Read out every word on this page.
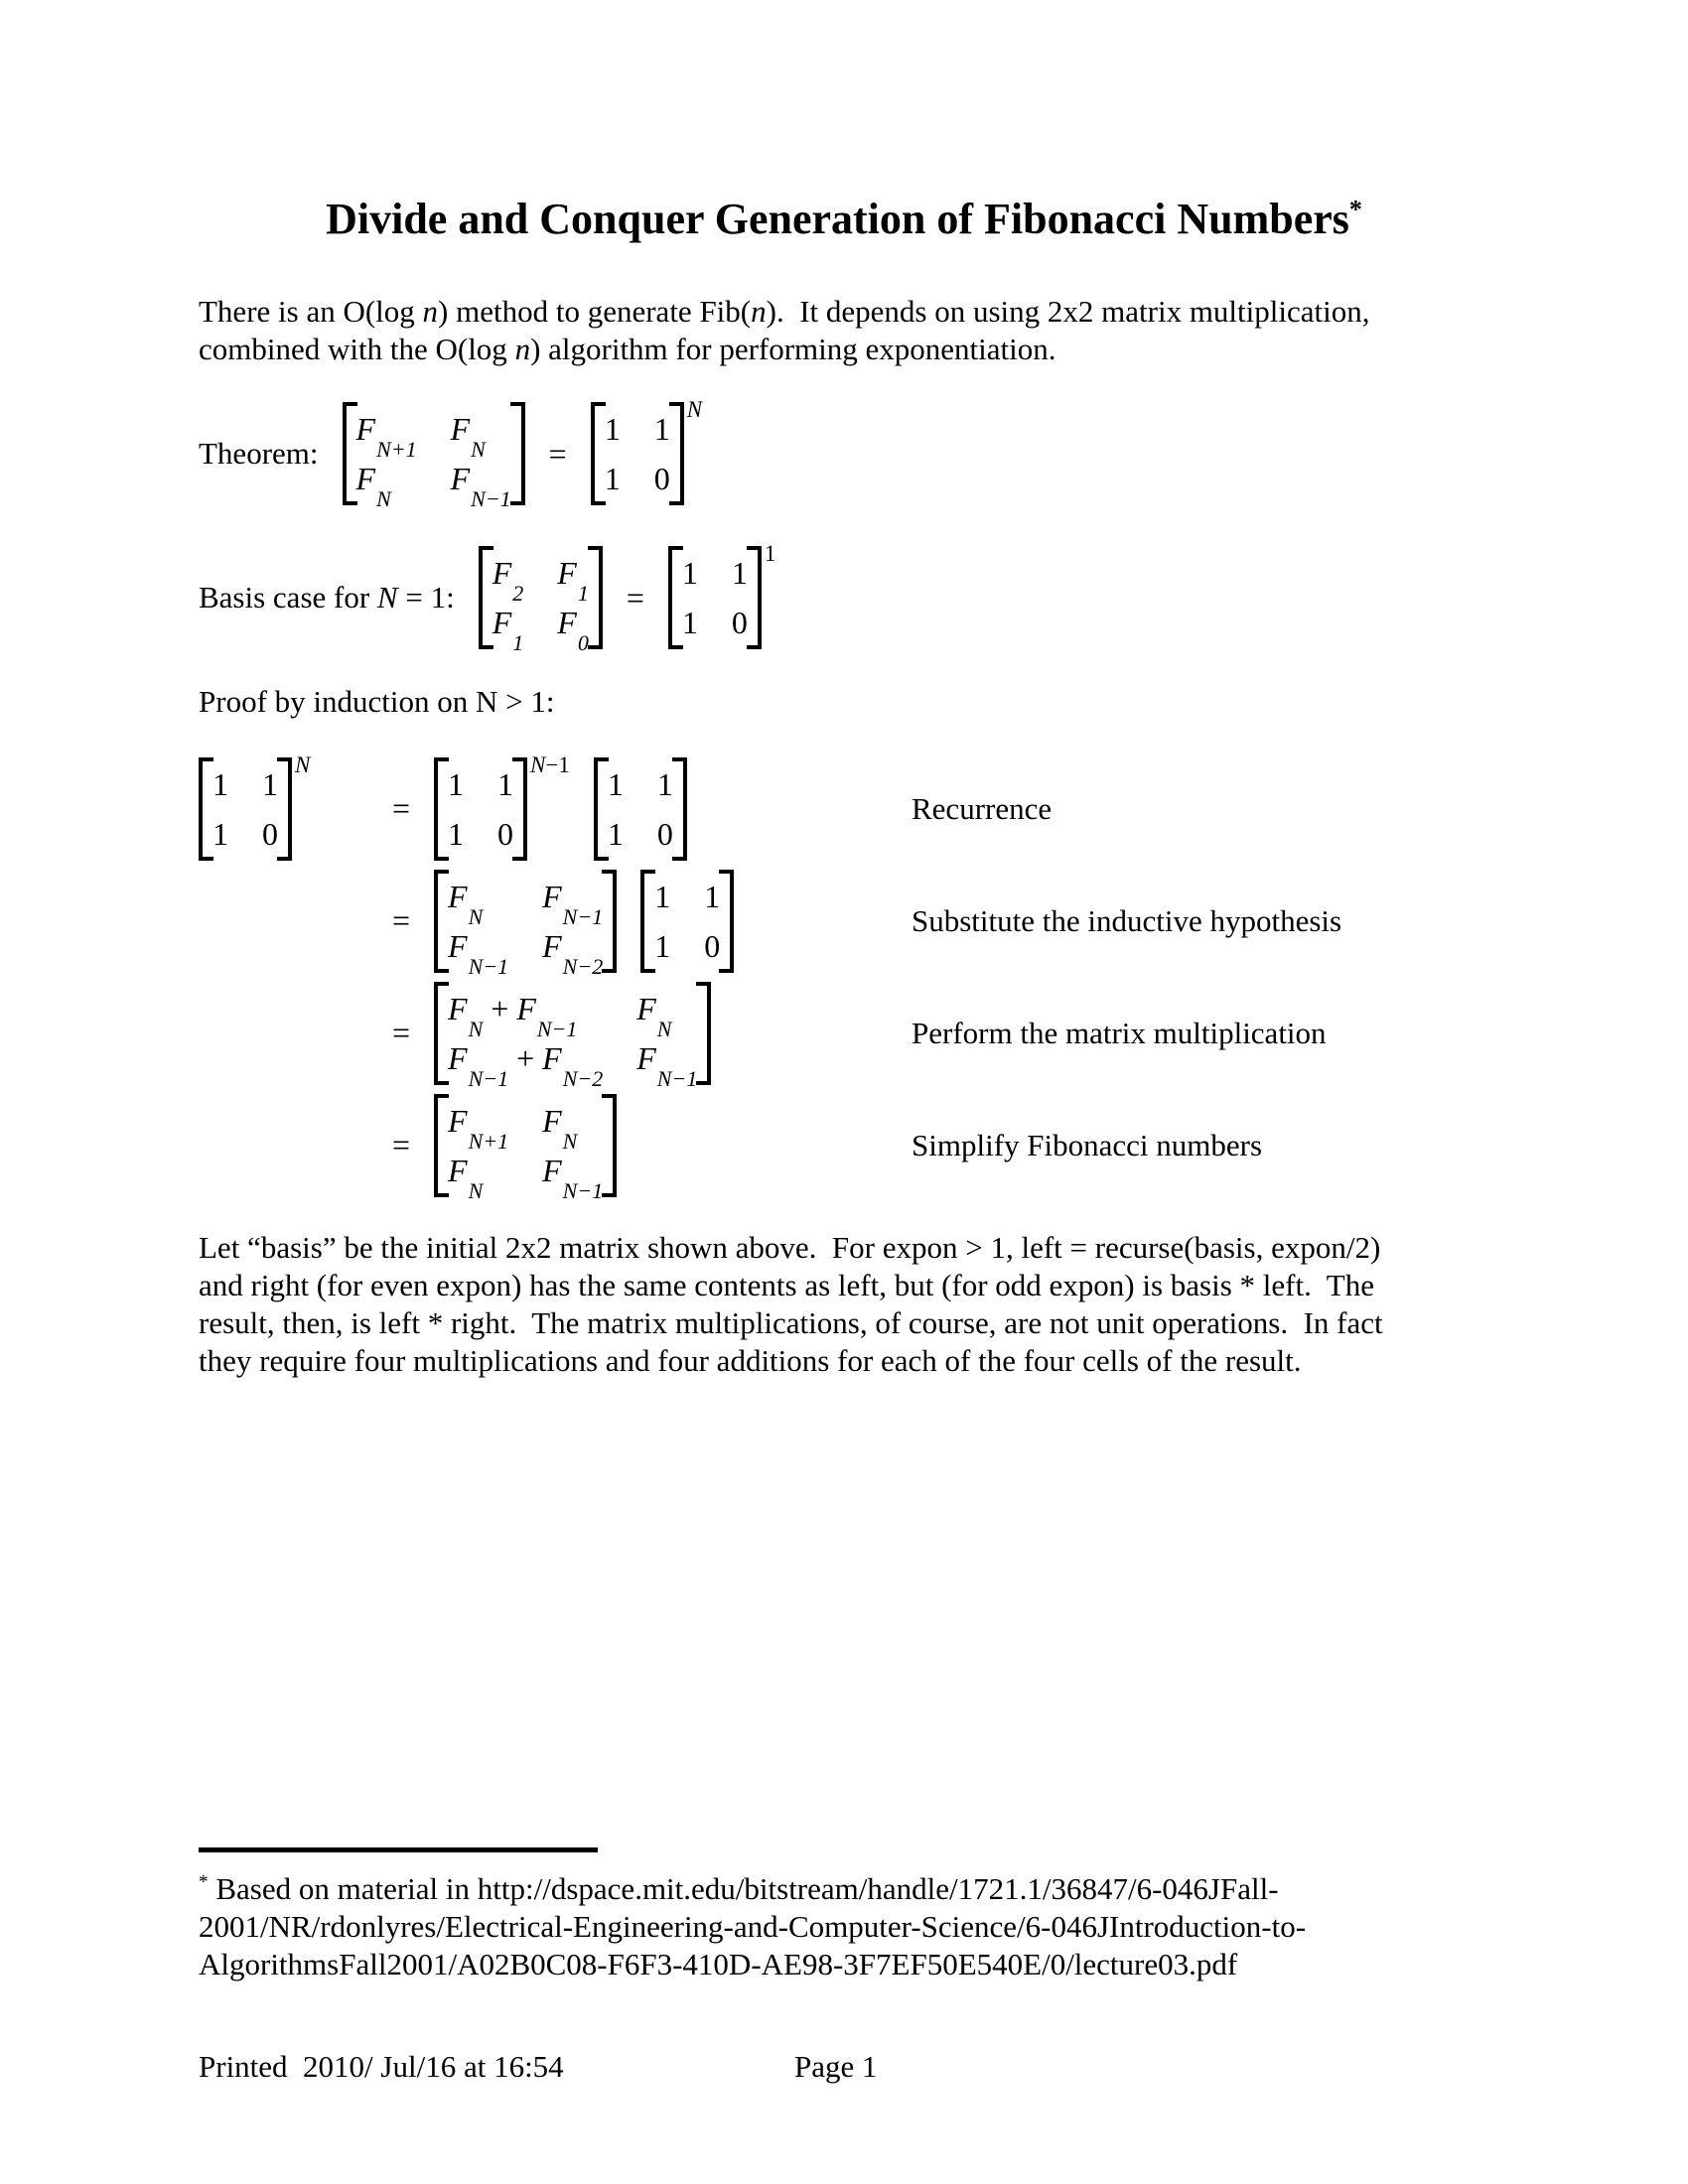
Divide and Conquer Generation of Fibonacci Numbers*
There is an O(log n) method to generate Fib(n).  It depends on using 2x2 matrix multiplication,
combined with the O(log n) algorithm for performing exponentiation.
Theorem:
$F_{N+1}$
$F_N$
$F_N$
$F_{N-1}$
=
1 1
1 0
$^N$
Basis case for N = 1:
$F_2$
$F_1$
$F_1$
$F_0$
=
1 1
1 0
$^1$
Proof by induction on N > 1:
1 1
1 0
$^N$
=
1 1
1 0
$^{N-1}$
1 1
1 0
Recurrence
=
$F_N$
$F_{N-1}$
$F_{N-1}$
$F_{N-2}$
1 1
1 0
Substitute the inductive hypothesis
=
$F_N + F_{N-1}$
$F_N$
$F_{N-1} + F_{N-2}$
$F_{N-1}$
Perform the matrix multiplication
=
$F_{N+1}$
$F_N$
$F_N$
$F_{N-1}$
Simplify Fibonacci numbers
Let “basis” be the initial 2x2 matrix shown above.  For expon > 1, left = recurse(basis, expon/2)
and right (for even expon) has the same contents as left, but (for odd expon) is basis * left.  The
result, then, is left * right.  The matrix multiplications, of course, are not unit operations.  In fact
they require four multiplications and four additions for each of the four cells of the result.
* Based on material in http://dspace.mit.edu/bitstream/handle/1721.1/36847/6-046JFall-
2001/NR/rdonlyres/Electrical-Engineering-and-Computer-Science/6-046JIntroduction-to-
AlgorithmsFall2001/A02B0C08-F6F3-410D-AE98-3F7EF50E540E/0/lecture03.pdf
Printed  2010/ Jul/16 at 16:54	Page 1
